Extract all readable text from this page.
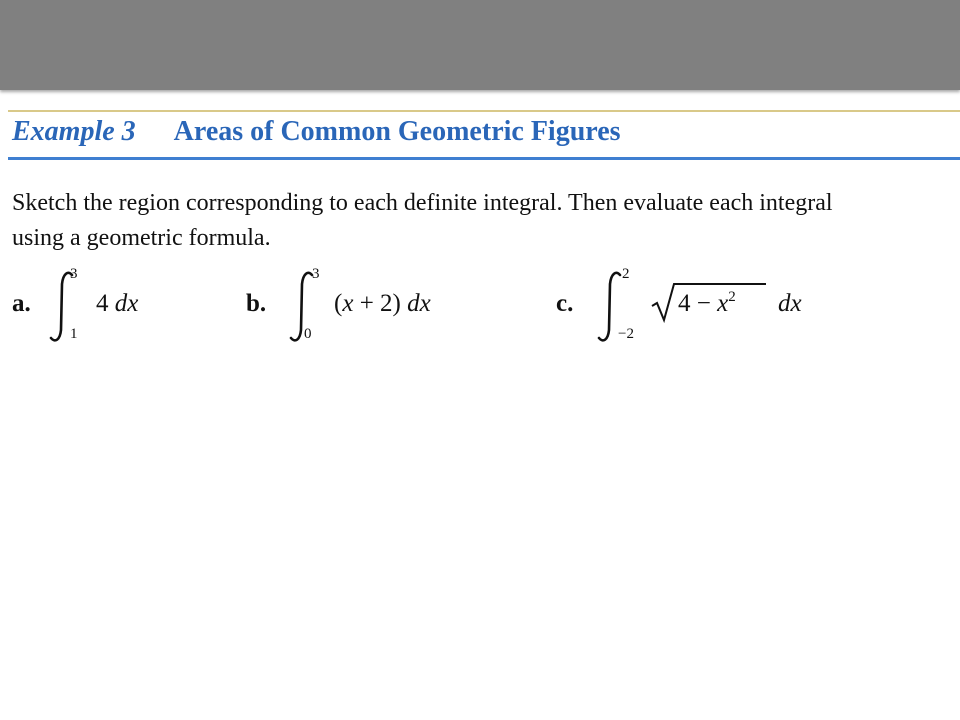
Example 3 Areas of Common Geometric Figures
Sketch the region corresponding to each definite integral. Then evaluate each integral
using a geometric formula.
a.
3
1
4 dx	b.
3
0
(x + 2) dx	c.
2
−2
$4 - x^2$ dx
